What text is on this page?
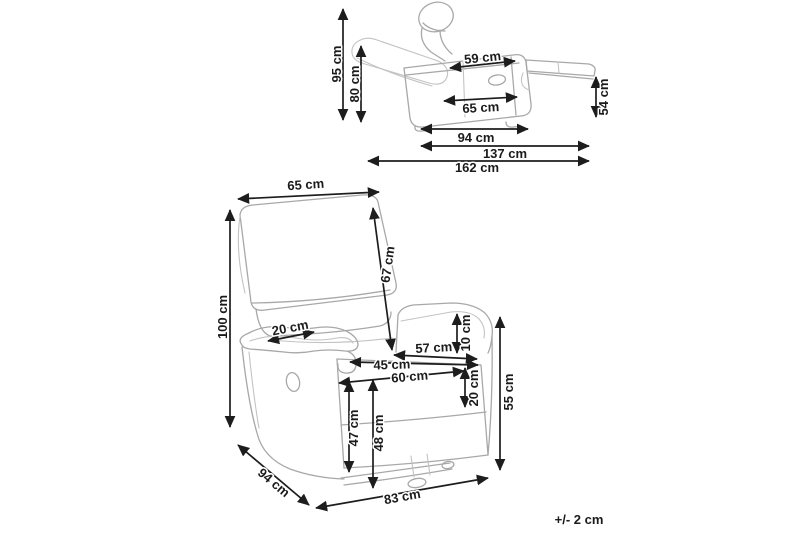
95 cm
80 cm
59 cm
65 cm	54 cm
94 cm
137 cm
162 cm
65 cm
100 cm
67 cm
20 cm
57 cm 10 cm
45 cm
60 cm	20 cm 55 cm
47 cm 48 cm
94 cm	83 cm
+/- 2 cm
